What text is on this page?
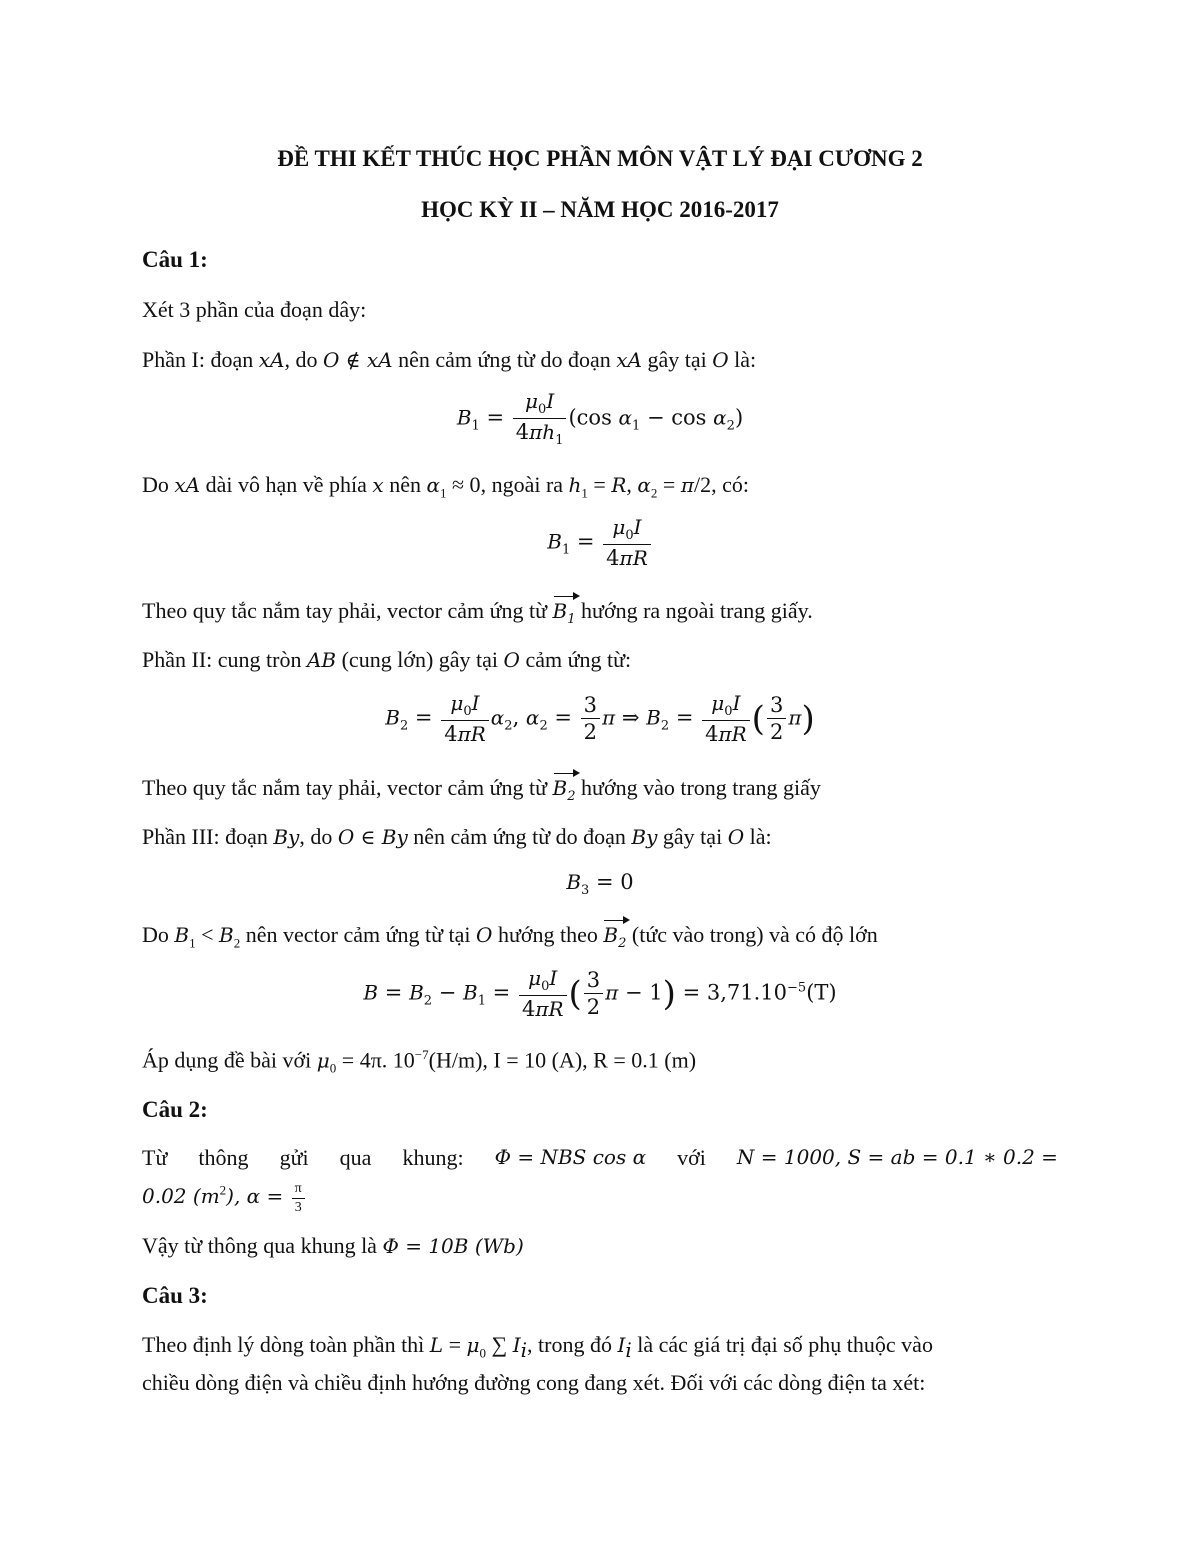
ĐỀ THI KẾT THÚC HỌC PHẦN MÔN VẬT LÝ ĐẠI CƯƠNG 2
HỌC KỲ II – NĂM HỌC 2016-2017
Câu 1:
Xét 3 phần của đoạn dây:
Phần I: đoạn xA, do O ∉ xA nên cảm ứng từ do đoạn xA gây tại O là:
$B_1 = \frac{\mu_0I}{4\pi h_1} (\cos$ $\alpha_1 - \cos \alpha_2$)
Do xA dài vô hạn về phía x nên $\alpha_1 \approx 0$, ngoài ra $h_1 = R$, $\alpha_2 = \pi/2$, có:
$B_1 = \frac{\mu_0I}{4\pi R}$
Theo quy tắc nắm tay phải, vector cảm ứng từ $B_1$ hướng ra ngoài trang giấy.
Phần II: cung tròn AB (cung lớn) gây tại O cảm ứng từ:
$B_2 = \frac{\mu_0I}{4\pi R} \alpha_2$, $\alpha_2 = \frac{3}{2}$ π ⇒ $B_2 = \frac{\mu_0I}{4\pi R}$ ( $\frac{3}{2} \pi$)
Theo quy tắc nắm tay phải, vector cảm ứng từ $B_2$ hướng vào trong trang giấy
Phần III: đoạn By, do O ∈ By nên cảm ứng từ do đoạn By gây tại O là:
$B_3 = 0$
Do $B_1 < B_2$ nên vector cảm ứng từ tại O hướng theo $B_2$ (tức vào trong) và có độ lớn
$B = B_2 - B_1 = \frac{\mu_0I}{4\pi R}$ ( $\frac{3}{2}$ $\pi - 1) = 3,71.10^{-5}(T)$
Áp dụng đề bài với $\mu_0 = 4\pi$. $10^{-7}(H/m)$, I = 10 (A), R = 0.1 (m)
Câu 2:
Từ thông gửi qua khung: Φ = NBS cos α với N = 1000, S = ab = 0.1 ∗ 0.2 =
0.02 $(m^2)$, $\alpha = \frac{\pi}{3}$
Vậy từ thông qua khung là Φ = 10B (Wb)
Câu 3:
Theo định lý dòng toàn phần thì $L = \mu_0$ ∑ $I_i$, trong đó $I_i$ là các giá trị đại số phụ thuộc vào
chiều dòng điện và chiều định hướng đường cong đang xét. Đối với các dòng điện ta xét:
